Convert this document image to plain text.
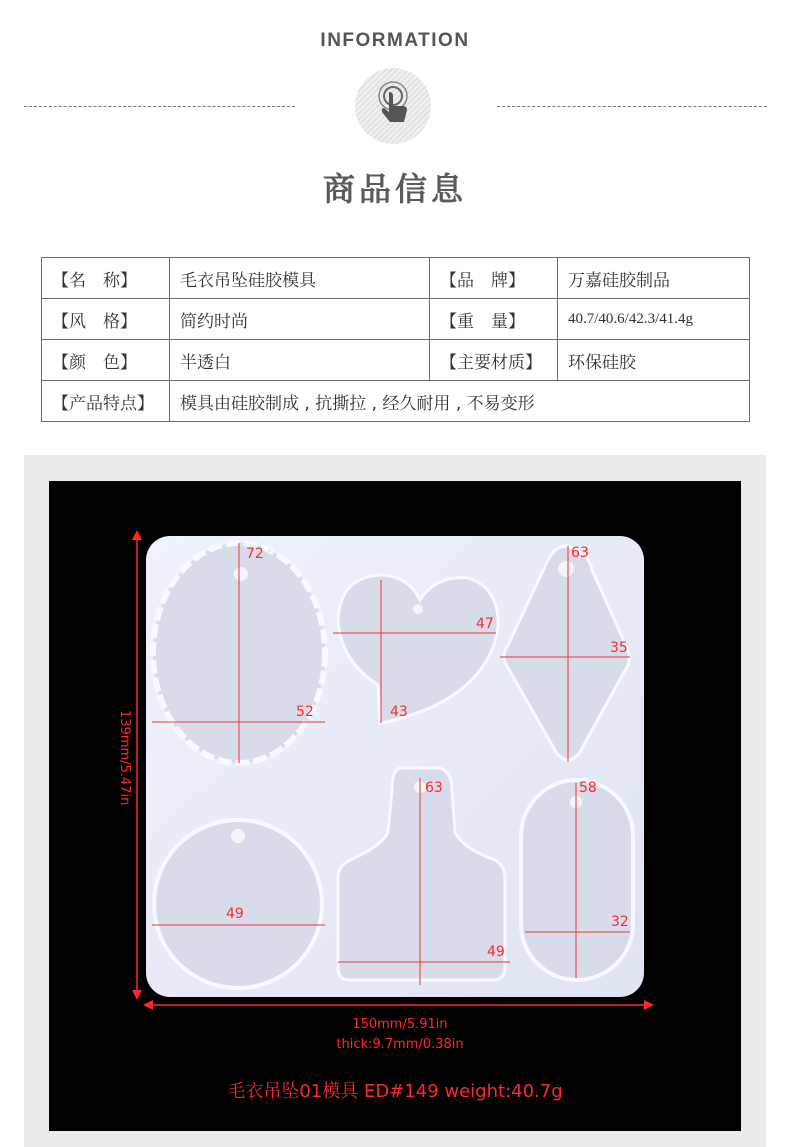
INFORMATION
商品信息
【名　称】	毛衣吊坠硅胶模具	【品　牌】	万嘉硅胶制品
【风　格】	简约时尚	【重　量】	40.7/40.6/42.3/41.4g
【颜　色】	半透白	【主要材质】	环保硅胶
【产品特点】	模具由硅胶制成 , 抗撕拉 , 经久耐用 , 不易变形		
72
52
47
43
63
35
49
63
49
58
32
139mm/5.47in
150mm/5.91in
thick:9.7mm/0.38in
毛衣吊坠01模具 ED#149 weight:40.7g
